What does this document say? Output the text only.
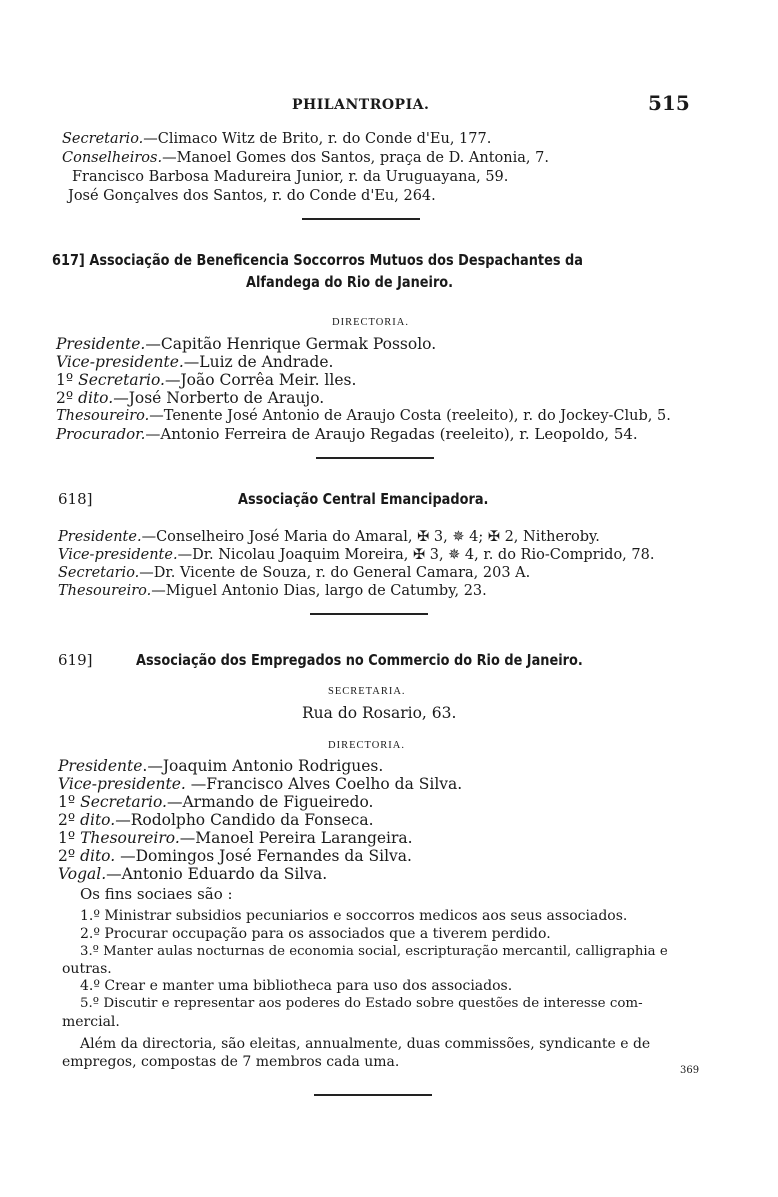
PHILANTROPIA.	515
Secretario.—Climaco Witz de Brito, r. do Conde d'Eu, 177.
Conselheiros.—Manoel Gomes dos Santos, praça de D. Antonia, 7.
Francisco Barbosa Madureira Junior, r. da Uruguayana, 59.
José Gonçalves dos Santos, r. do Conde d'Eu, 264.
617] Associação de Beneficencia Soccorros Mutuos dos Despachantes da
Alfandega do Rio de Janeiro.
DIRECTORIA.
Presidente.—Capitão Henrique Germak Possolo.
Vice-presidente.—Luiz de Andrade.
1º Secretario.—João Corrêa Meir. lles.
2º dito.—José Norberto de Araujo.
Thesoureiro.—Tenente José Antonio de Araujo Costa (reeleito), r. do Jockey-Club, 5.
Procurador.—Antonio Ferreira de Araujo Regadas (reeleito), r. Leopoldo, 54.
618]	Associação Central Emancipadora.
Presidente.—Conselheiro José Maria do Amaral, ✠ 3, ✵ 4; ✠ 2, Nitheroby.
Vice-presidente.—Dr. Nicolau Joaquim Moreira, ✠ 3, ✵ 4, r. do Rio-Comprido, 78.
Secretario.—Dr. Vicente de Souza, r. do General Camara, 203 A.
Thesoureiro.—Miguel Antonio Dias, largo de Catumby, 23.
619]	Associação dos Empregados no Commercio do Rio de Janeiro.
SECRETARIA.
Rua do Rosario, 63.
DIRECTORIA.
Presidente.—Joaquim Antonio Rodrigues.
Vice-presidente. —Francisco Alves Coelho da Silva.
1º Secretario.—Armando de Figueiredo.
2º dito.—Rodolpho Candido da Fonseca.
1º Thesoureiro.—Manoel Pereira Larangeira.
2º dito. —Domingos José Fernandes da Silva.
Vogal.—Antonio Eduardo da Silva.
Os fins sociaes são :
1.º Ministrar subsidios pecuniarios e soccorros medicos aos seus associados.
2.º Procurar occupação para os associados que a tiverem perdido.
3.º Manter aulas nocturnas de economia social, escripturação mercantil, calligraphia e
outras.
4.º Crear e manter uma bibliotheca para uso dos associados.
5.º Discutir e representar aos poderes do Estado sobre questões de interesse com-
mercial.
Além da directoria, são eleitas, annualmente, duas commissões, syndicante e de
empregos, compostas de 7 membros cada uma.
369
